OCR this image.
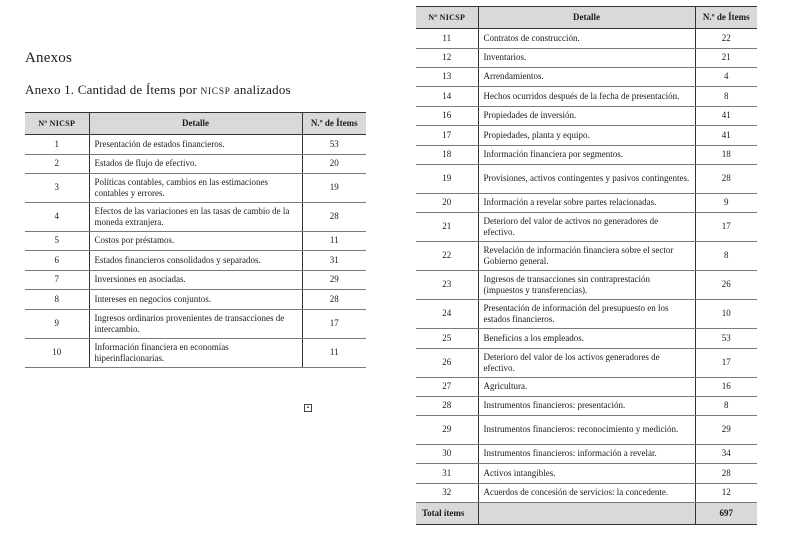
Anexos
Anexo 1. Cantidad de Ítems por NICSP analizados
Nº NICSP	Detalle	N.º de Ítems
1	Presentación de estados financieros.	53
2	Estados de flujo de efectivo.	20
3	Políticas contables, cambios en las estimaciones contables y errores.	19
4	Efectos de las variaciones en las tasas de cambio de la moneda extranjera.	28
5	Costos por préstamos.	11
6	Estados financieros consolidados y separados.	31
7	Inversiones en asociadas.	29
8	Intereses en negocios conjuntos.	28
9	Ingresos ordinarios provenientes de transacciones de intercambio.	17
10	Información financiera en economías hiperinflacionarias.	11
Nº NICSP	Detalle	N.º de Ítems
11	Contratos de construcción.	22
12	Inventarios.	21
13	Arrendamientos.	4
14	Hechos ocurridos después de la fecha de presentación.	8
16	Propiedades de inversión.	41
17	Propiedades, planta y equipo.	41
18	Información financiera por segmentos.	18
19	Provisiones, activos contingentes y pasivos contingentes.	28
20	Información a revelar sobre partes relacionadas.	9
21	Deterioro del valor de activos no generadores de efectivo.	17
22	Revelación de información financiera sobre el sector Gobierno general.	8
23	Ingresos de transacciones sin contraprestación (impuestos y transferencias).	26
24	Presentación de información del presupuesto en los estados financieros.	10
25	Beneficios a los empleados.	53
26	Deterioro del valor de los activos generadores de efectivo.	17
27	Agricultura.	16
28	Instrumentos financieros: presentación.	8
29	Instrumentos financieros: reconocimiento y medición.	29
30	Instrumentos financieros: información a revelar.	34
31	Activos intangibles.	28
32	Acuerdos de concesión de servicios: la concedente.	12
Total ítems		697
▪
